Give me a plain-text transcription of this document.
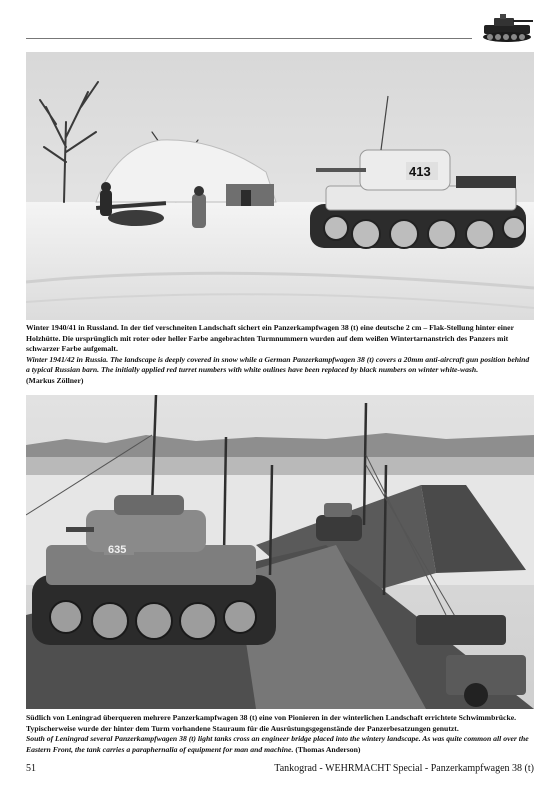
413

Winter 1940/41 in Russland. In der tief verschneiten Landschaft sichert ein Panzerkampfwagen 38 (t) eine deutsche 2 cm – Flak-Stellung hinter einer Holzhütte. Die ursprünglich mit roter oder heller Farbe angebrachten Turmnummern wurden auf dem weißen Wintertarnanstrich des Panzers mit schwarzer Farbe aufgemalt.

Winter 1941/42 in Russia. The landscape is deeply covered in snow while a German Panzerkampfwagen 38 (t) covers a 20mm anti-aircraft gun position behind a typical Russian barn. The initially applied red turret numbers with white oulines have been replaced by black numbers on winter white-wash.
(Markus Zöllner)

635

Südlich von Leningrad überqueren mehrere Panzerkampfwagen 38 (t) eine von Pionieren in der winterlichen Landschaft errichtete Schwimmbrücke. Typischerweise wurde der hinter dem Turm vorhandene Stauraum für die Ausrüstungsgegenstände der Panzerbesatzungen genutzt.

South of Leningrad several Panzerkampfwagen 38 (t) light tanks cross an engineer bridge placed into the wintery landscape. As was quite common all over the Eastern Front, the tank carries a paraphernalia of equipment for man and machine. (Thomas Anderson)

51	Tankograd - WEHRMACHT Special - Panzerkampfwagen 38 (t)
